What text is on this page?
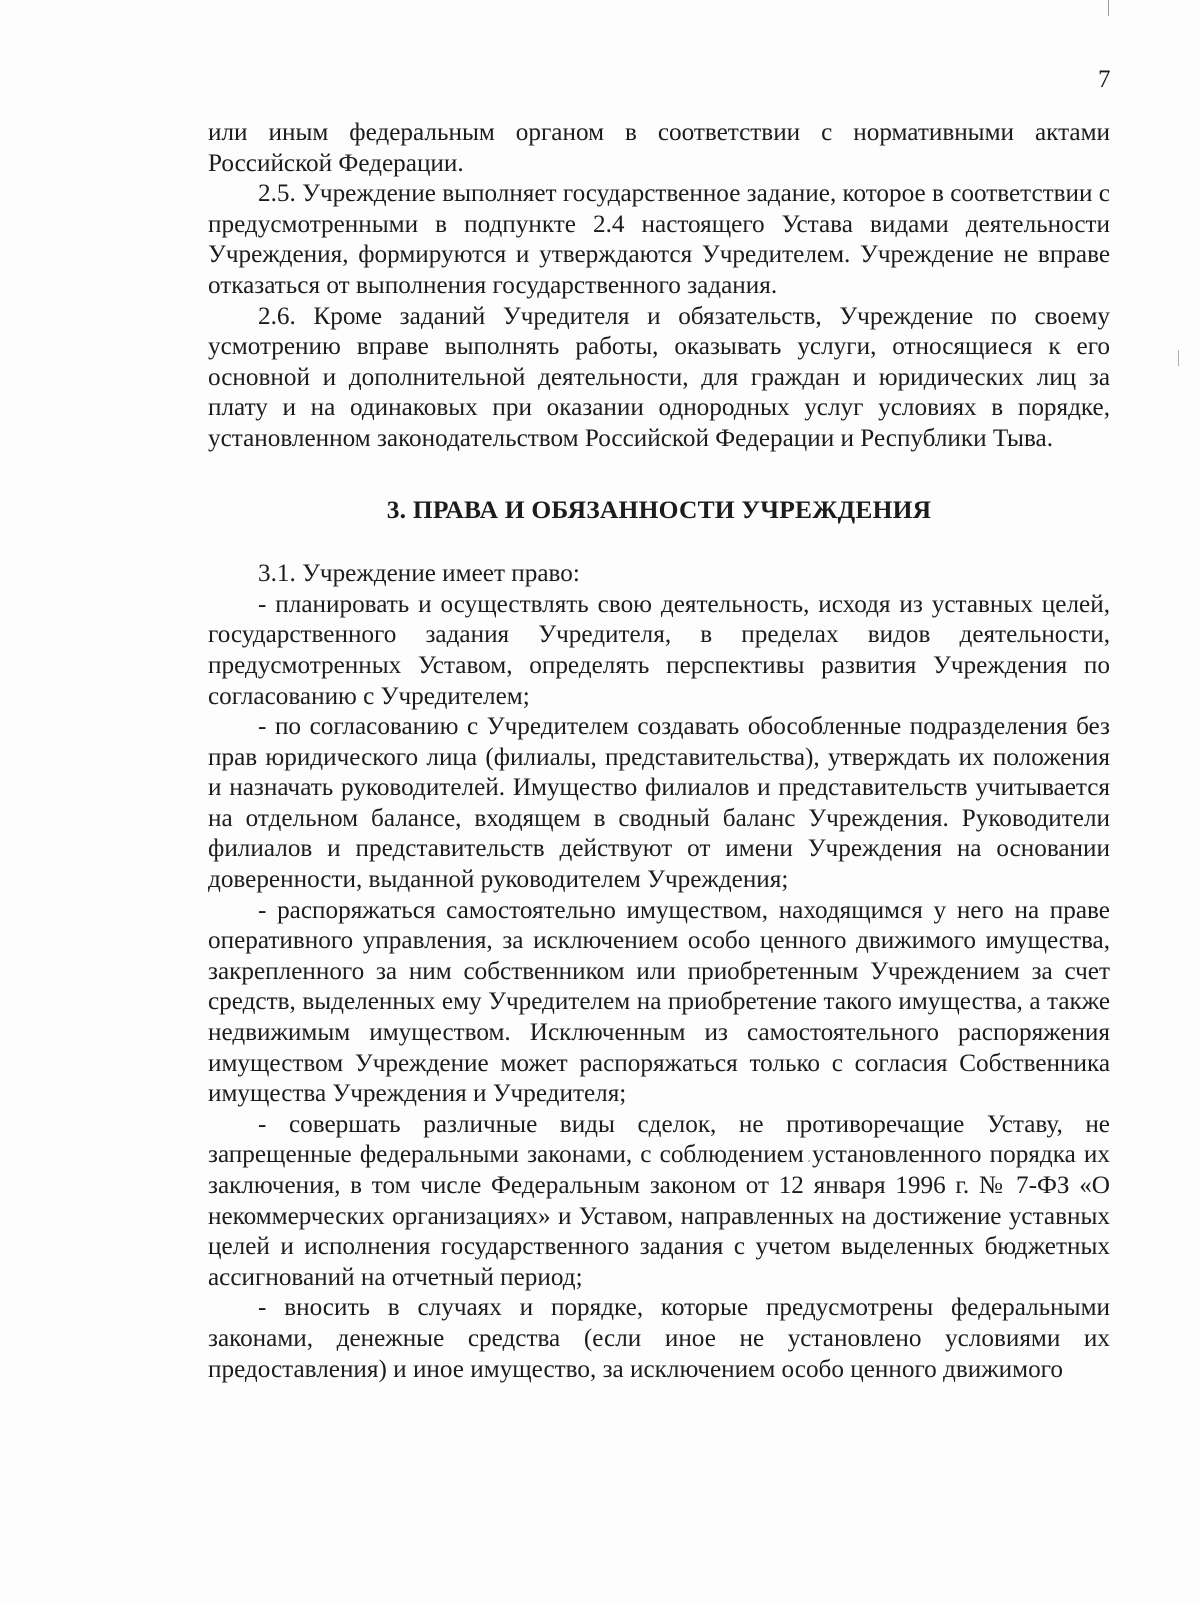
7

или иным федеральным органом в соответствии с нормативными актами Российской Федерации.

2.5. Учреждение выполняет государственное задание, которое в соответствии с предусмотренными в подпункте 2.4 настоящего Устава видами деятельности Учреждения, формируются и утверждаются Учредителем. Учреждение не вправе отказаться от выполнения государственного задания.

2.6. Кроме заданий Учредителя и обязательств, Учреждение по своему усмотрению вправе выполнять работы, оказывать услуги, относящиеся к его основной и дополнительной деятельности, для граждан и юридических лиц за плату и на одинаковых при оказании однородных услуг условиях в порядке, установленном законодательством Российской Федерации и Республики Тыва.

3. ПРАВА И ОБЯЗАННОСТИ УЧРЕЖДЕНИЯ

3.1. Учреждение имеет право:

- планировать и осуществлять свою деятельность, исходя из уставных целей, государственного задания Учредителя, в пределах видов деятельности, предусмотренных Уставом, определять перспективы развития Учреждения по согласованию с Учредителем;

- по согласованию с Учредителем создавать обособленные подразделения без прав юридического лица (филиалы, представительства), утверждать их положения и назначать руководителей. Имущество филиалов и представительств учитывается на отдельном балансе, входящем в сводный баланс Учреждения. Руководители филиалов и представительств действуют от имени Учреждения на основании доверенности, выданной руководителем Учреждения;

- распоряжаться самостоятельно имуществом, находящимся у него на праве оперативного управления, за исключением особо ценного движимого имущества, закрепленного за ним собственником или приобретенным Учреждением за счет средств, выделенных ему Учредителем на приобретение такого имущества, а также недвижимым имуществом. Исключенным из самостоятельного распоряжения имуществом Учреждение может распоряжаться только с согласия Собственника имущества Учреждения и Учредителя;

- совершать различные виды сделок, не противоречащие Уставу, не запрещенные федеральными законами, с соблюдением установленного порядка их заключения, в том числе Федеральным законом от 12 января 1996 г. № 7-ФЗ «О некоммерческих организациях» и Уставом, направленных на достижение уставных целей и исполнения государственного задания с учетом выделенных бюджетных ассигнований на отчетный период;

- вносить в случаях и порядке, которые предусмотрены федеральными законами, денежные средства (если иное не установлено условиями их предоставления) и иное имущество, за исключением особо ценного движимого
